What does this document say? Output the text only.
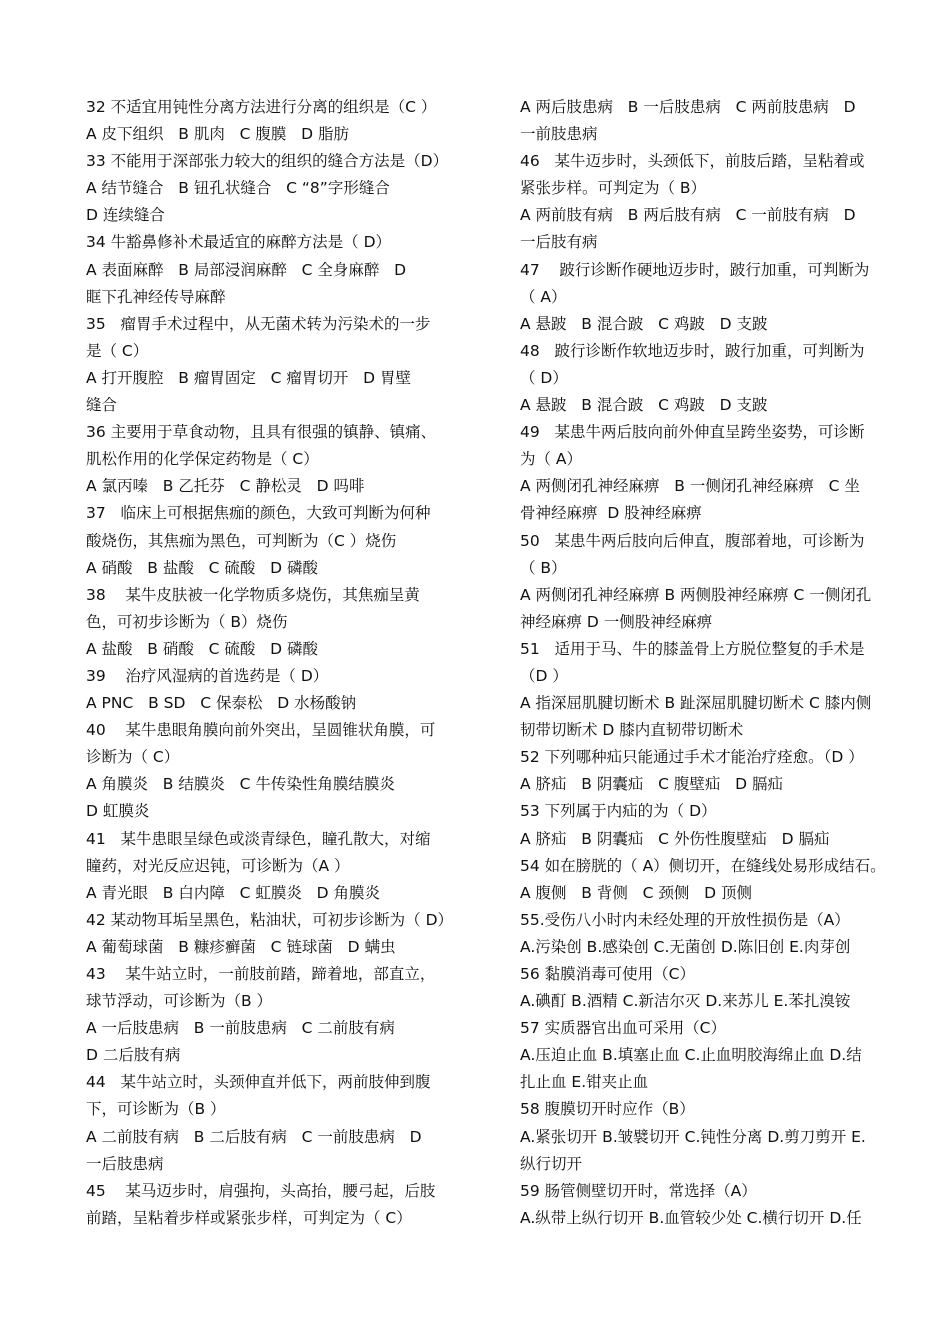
32 不适宜用钝性分离方法进行分离的组织是（C ）
A 皮下组织   B 肌肉   C 腹膜   D 脂肪
33 不能用于深部张力较大的组织的缝合方法是（D）
A 结节缝合   B 钮孔状缝合   C “8”字形缝合
D 连续缝合
34 牛豁鼻修补术最适宜的麻醉方法是（ D）
A 表面麻醉   B 局部浸润麻醉   C 全身麻醉   D
眶下孔神经传导麻醉
35   瘤胃手术过程中，从无菌术转为污染术的一步
是（ C）
A 打开腹腔   B 瘤胃固定   C 瘤胃切开   D 胃壁
缝合
36 主要用于草食动物，且具有很强的镇静、镇痛、
肌松作用的化学保定药物是（ C）
A 氯丙嗪   B 乙托芬   C 静松灵   D 吗啡
37   临床上可根据焦痂的颜色，大致可判断为何种
酸烧伤，其焦痂为黑色，可判断为（C ）烧伤
A 硝酸   B 盐酸   C 硫酸   D 磷酸
38    某牛皮肤被一化学物质多烧伤，其焦痂呈黄
色，可初步诊断为（ B）烧伤
A 盐酸   B 硝酸   C 硫酸   D 磷酸
39    治疗风湿病的首选药是（ D）
A PNC   B SD   C 保泰松   D 水杨酸钠
40    某牛患眼角膜向前外突出，呈圆锥状角膜，可
诊断为（ C）
A 角膜炎   B 结膜炎   C 牛传染性角膜结膜炎
D 虹膜炎
41   某牛患眼呈绿色或淡青绿色，瞳孔散大，对缩
瞳药，对光反应迟钝，可诊断为（A ）
A 青光眼   B 白内障   C 虹膜炎   D 角膜炎
42 某动物耳垢呈黑色，粘油状，可初步诊断为（ D）
A 葡萄球菌   B 糠疹癣菌   C 链球菌   D 螨虫
43    某牛站立时，一前肢前踏，蹄着地，部直立，
球节浮动，可诊断为（B ）
A 一后肢患病   B 一前肢患病   C 二前肢有病
D 二后肢有病
44   某牛站立时，头颈伸直并低下，两前肢伸到腹
下，可诊断为（B ）
A 二前肢有病   B 二后肢有病   C 一前肢患病   D
一后肢患病
45    某马迈步时，肩强拘，头高抬，腰弓起，后肢
前踏，呈粘着步样或紧张步样，可判定为（ C）
A 两后肢患病   B 一后肢患病   C 两前肢患病   D
一前肢患病
46   某牛迈步时，头颈低下，前肢后踏，呈粘着或
紧张步样。可判定为（ B）
A 两前肢有病   B 两后肢有病   C 一前肢有病   D
一后肢有病
47    跛行诊断作硬地迈步时，跛行加重，可判断为
（ A）
A 悬跛   B 混合跛   C 鸡跛   D 支跛
48   跛行诊断作软地迈步时，跛行加重，可判断为
（ D）
A 悬跛   B 混合跛   C 鸡跛   D 支跛
49   某患牛两后肢向前外伸直呈跨坐姿势，可诊断
为（ A）
A 两侧闭孔神经麻痹   B 一侧闭孔神经麻痹   C 坐
骨神经麻痹  D 股神经麻痹
50   某患牛两后肢向后伸直，腹部着地，可诊断为
（ B）
A 两侧闭孔神经麻痹 B 两侧股神经麻痹 C 一侧闭孔
神经麻痹 D 一侧股神经麻痹
51   适用于马、牛的膝盖骨上方脱位整复的手术是
（D ）
A 指深屈肌腱切断术 B 趾深屈肌腱切断术 C 膝内侧
韧带切断术 D 膝内直韧带切断术
52 下列哪种疝只能通过手术才能治疗痊愈。（D ）
A 脐疝   B 阴囊疝   C 腹壁疝   D 膈疝
53 下列属于内疝的为（ D）
A 脐疝   B 阴囊疝   C 外伤性腹壁疝   D 膈疝
54 如在膀胱的（ A）侧切开，在缝线处易形成结石。
A 腹侧   B 背侧   C 颈侧   D 顶侧
55.受伤八小时内未经处理的开放性损伤是（A）
A.污染创 B.感染创 C.无菌创 D.陈旧创 E.肉芽创
56 黏膜消毒可使用（C）
A.碘酊 B.酒精 C.新洁尔灭 D.来苏儿 E.苯扎溴铵
57 实质器官出血可采用（C）
A.压迫止血 B.填塞止血 C.止血明胶海绵止血 D.结
扎止血 E.钳夹止血
58 腹膜切开时应作（B）
A.紧张切开 B.皱襞切开 C.钝性分离 D.剪刀剪开 E.
纵行切开
59 肠管侧壁切开时，常选择（A）
A.纵带上纵行切开 B.血管较少处 C.横行切开 D.任
